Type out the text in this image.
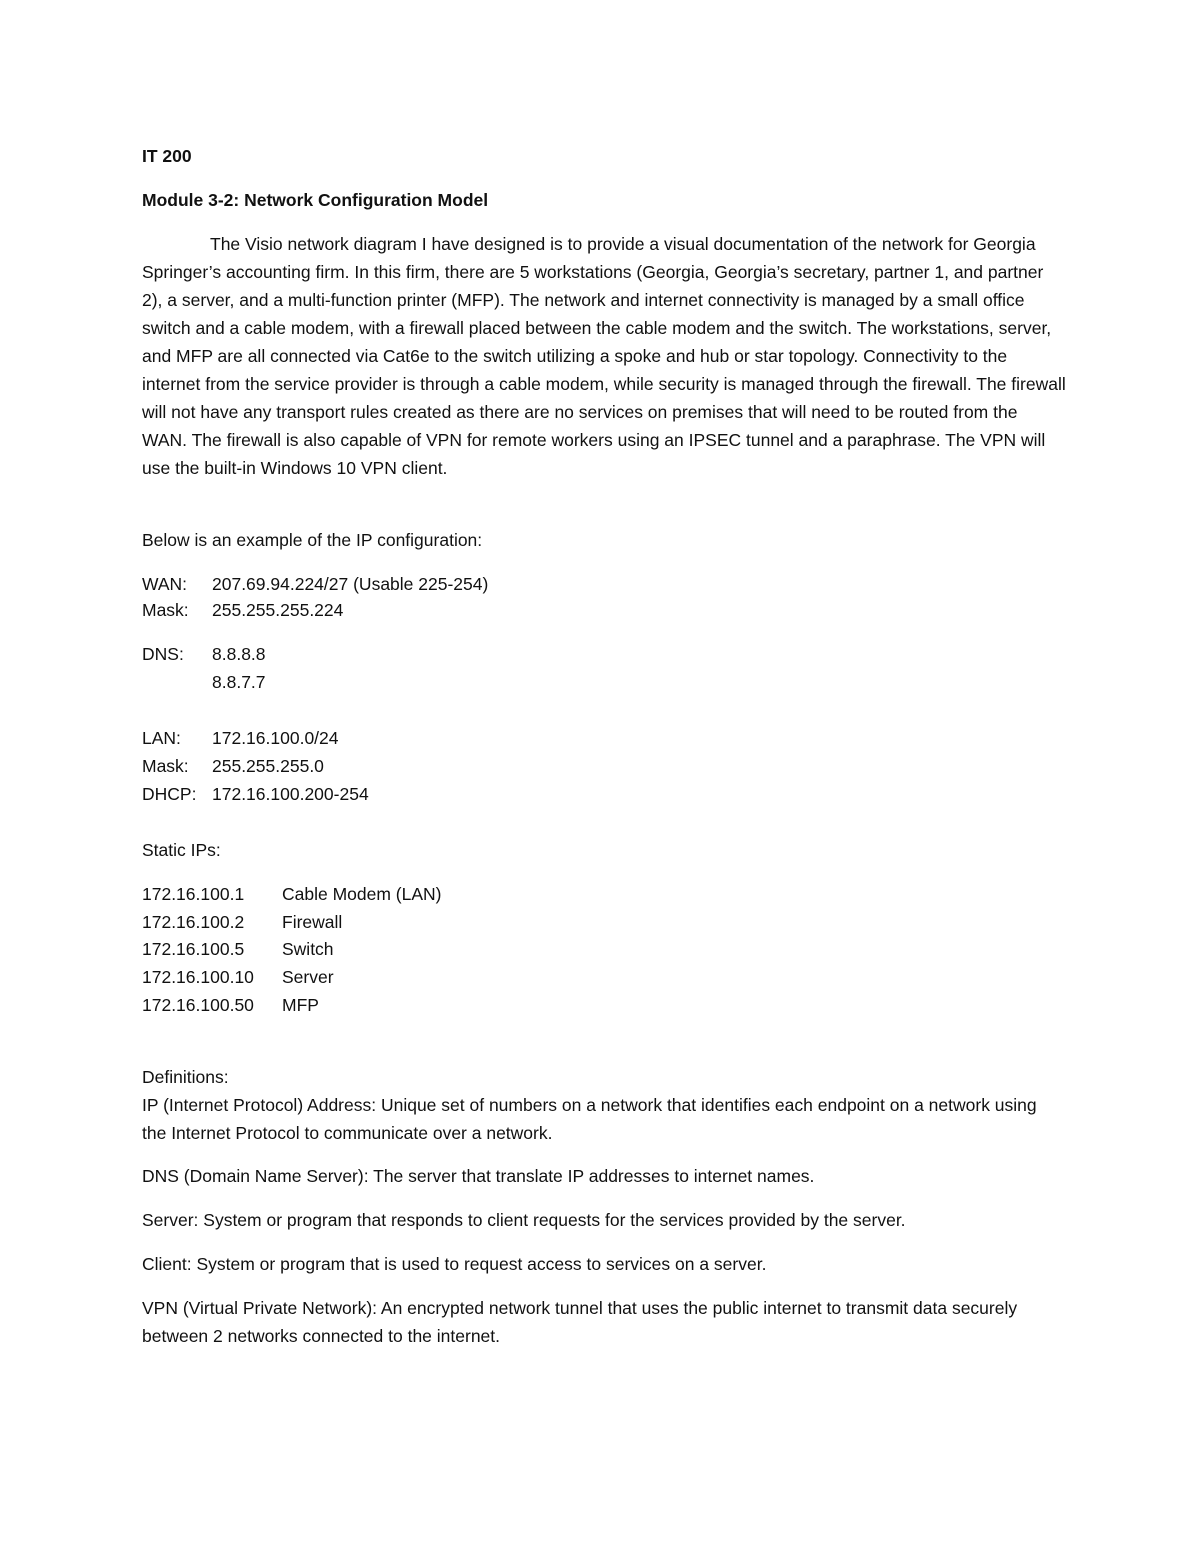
IT 200
Module 3-2: Network Configuration Model
The Visio network diagram I have designed is to provide a visual documentation of the network for Georgia Springer’s accounting firm. In this firm, there are 5 workstations (Georgia, Georgia’s secretary, partner 1, and partner 2), a server, and a multi-function printer (MFP). The network and internet connectivity is managed by a small office switch and a cable modem, with a firewall placed between the cable modem and the switch. The workstations, server, and MFP are all connected via Cat6e to the switch utilizing a spoke and hub or star topology. Connectivity to the internet from the service provider is through a cable modem, while security is managed through the firewall. The firewall will not have any transport rules created as there are no services on premises that will need to be routed from the WAN. The firewall is also capable of VPN for remote workers using an IPSEC tunnel and a paraphrase. The VPN will use the built-in Windows 10 VPN client.
Below is an example of the IP configuration:
WAN: 207.69.94.224/27 (Usable 225-254)
Mask: 255.255.255.224
DNS: 8.8.8.8
8.8.7.7
LAN: 172.16.100.0/24
Mask: 255.255.255.0
DHCP: 172.16.100.200-254
Static IPs:
172.16.100.1 Cable Modem (LAN)
172.16.100.2 Firewall
172.16.100.5 Switch
172.16.100.10 Server
172.16.100.50 MFP
Definitions:
IP (Internet Protocol) Address: Unique set of numbers on a network that identifies each endpoint on a network using the Internet Protocol to communicate over a network.
DNS (Domain Name Server): The server that translate IP addresses to internet names.
Server: System or program that responds to client requests for the services provided by the server.
Client: System or program that is used to request access to services on a server.
VPN (Virtual Private Network): An encrypted network tunnel that uses the public internet to transmit data securely between 2 networks connected to the internet.
